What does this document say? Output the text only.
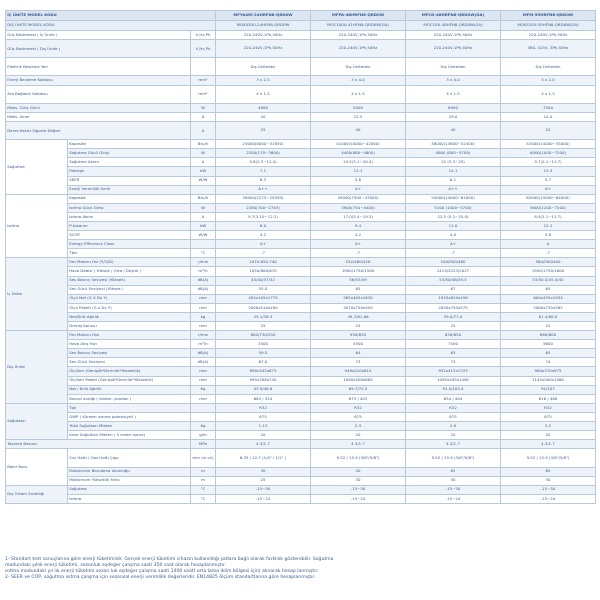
İÇ ÜNİTE MODEL KODU			MFYA4RI-24HRFN8-QRD0W	MFPA-48HRFN8-QRD0W	MFCD-48HRFN8-QRD0W(GA)	MFM-55HRFN8-QRD0W
DIŞ ÜNİTE MODEL KODU			MOX430U-24HFN8-QRD0W	MOC100U-41HFN8-QRD0W(GA)	MOC10U-48HFN8-QRD0W(GA)	MOX320U-55HFN8-QRD0W(GA)
Güç Beslemesi ( İç Ünite )		V,Hz,Ph	220-240V,1Ph,50Hz	220-240V,1Ph,50Hz	220-240V,1Ph,50Hz	220-240V,1Ph,50Hz
Güç Beslemesi ( Dış Ünite )		V,Hz,Ph	220-240V,1Ph,50Hz	220-240V,1Ph,50Hz	220-240V,1Ph,50Hz	380, 415V, 3Ph,50Hz
Elektrik Besleme Yeri			Dış Üniteden	Dış Üniteden	Dış Üniteden	Dış Üniteden
Enerji Besleme Kablosu		mm²	3 x 2.5	3 x 4.0	3 x 4.0	5 x 2.0
Ara Bağlantı Kablosu		mm²	4 x 1.5	4 x 1.5	4 x 1.5	4 x 1.5
Maks. Giriş Gücü		W	4800	5000	6900	7500
Maks. Akım		A	20	22.5	29.0	14.0
Devre Kesici Sigorta Değeri		A	25	40	40	25
Soğutma	Kapasite	Btu/h	24000(8000~31850)	41000(10000~42000)	48000(13600~52400)	52000(14000~55000)
	Soğutma Gücü Girişi	W	2200(170~3800)	4400(680~4600)	4800 (800~5700)	6000(1000~7200)
	Soğutma Akımı	A	9.8(2.3~12.4)	19.5(3.1~20.4)	22 (3.3~25)	9.7(2.1~11.7)
	Pdesign	kW	7.1	12.1	14.1	15.3
	SEER	W/W	6.3	5.8	6.1	5.7
	Enerji Verimlilik Sınıfı		A++	A+	A++	A+
Isıtma	Kapasite	Btu/h	26000(2275~29350)	45000(7500~47000)	55000(14000~61000)	62000(15000~64000)
	Isıtma Gücü Girişi	W	2180(700~2745)	3900(750~4400)	5100 (1000~5700)	5600(1200~7200)
	Isıtma Akımı	A	9.7(3.10~12.2)	17.0(3.4~19.3)	22.5 (5.2~25.0)	8.5(2.1~11.7)
	P-tasarım	kW	6.0	9.4	11.0	12.1
	SCOP	W/W	4.2	4.2	4.0	3.8
	Energy Efficiency Class		A+	A+	A+	A
	Tbiv	°C	-7	-7	-7	-7
İç Ünite	Fan Motoru Hız (Y/O/D)	r/min	1070-850-740	532/480/428	540/500/460	580/500/400
	Hava Debisi ( Yüksek / Orta / Düşük )	m³/h	1050/800/670	1900/1750/1500	2413/2223/2027	1950/1750/1600
	Ses Basınç Seviyesi (Yüksek)	dB(A)	45/40/37/32	56/53/49	53/50/48/39.5	53/50.5/45.5/40
	Ses Gücü Seviyesi (Yüksek )	dB(A)	55.0	65	67	65
	Ölçü Net (G X Dx Y)	mm	405x105x1775	585x405x1830	1935x629x456	600x455x1934
	Ölçü Paketi (G x Dx Y)	mm	2000x510x490	2070x750x550	2050x750x575	2080x735x585
	Net/Brüt Ağırlık	kg	29.1/38.3	49.7/61.86	39.0/77.0	61.4/80.0
	Drenaj borusu	mm	25	25	25	25
Dış Ünite	Fan Motoru Hızı	r/min	800/730/550	950/850	830/650	860/800
	Hava Akış Hızı	m³/h	3500	5500	7500	5600
	Ses Basınç Seviyesi	dB(A)	59.5	64	63	65
	Ses Gücü Seviyesi	dB(A)	67.0	73	73	74
	Ölçüleri (Genişlik*Derinlik*Yükseklik)	mm	890x342x673	946x410x810	952x415x1333	980x370x975
	Ölçüleri Paketi (Genişlik*Derinlik*Yükseklik)	mm	995x398x740	1090x500x885	1095x495x1490	1145x500x1080
	Net / Brüt Ağırlık	Kg	43.9/46.8	69.7/75.5	91.5/105.4	92/107
	Konsol aralığı ( önden- yandan )	mm	663 / 354	673 / 403	634 / 404	616 / 480
Soğutkan	Tipi		R32	R32	R32	R32
	GWP ( Küresel ısınma potansiyeli )		675	675	675	675
	Yükü Soğutkan Miktarı	Kg	1.13	2.3	2.9	3.2
	İlave Soğutkan Miktarı ( 5 mden sonra)	g/m	20	20	20	20
Tasarım Basıncı		MPa	4.3/1.7	4.3/1.7	4.3/1.7	4.3/1.7
Bakır Boru	Sıvı Hattı / Gaz Hattı Çapı	mm (in ch)	6.35 / 12.7 (1/4" / 1/2" )	9.52 / 15.9 (3/8"/5/8")	9.52 / 15.9 (3/8"/5/8")	9.52 / 15.9 (3/8"/5/8")
	Maksimum Borulama Uzunluğu	m	30	50	65	65
	Maksimum Yükseklik Farkı	m	25	30	30	30
Dış Ortam Sıcaklığı	Soğutma	°C	-15~50	-15~50	-15~50	-15~50
	Isıtma	°C	-15~24	-15~24	-15~24	-15~24

1- Standart test sonuçlarına göre enerji tüketimidir. Gerçek enerji tüketimi cihazın kullanıldığı şatlara bağlı olarak farklılık gösterebilir. Soğutma

modundaki yıllık enerji tüketimi, sezonluk eşdeğer çalışma saati 350 saat olarak hesaplanmıştır.

ısıtma modundaki yıl lık enerji tüketimi sezon luk eşdeğer çalışma saati 1400 saat( orta lama iklim bölgesi için) alınarak hesap lanmıştır.

2- SEER ve COP, soğutma ısıtma çalışma için sezonsal enerji verimlilik değerleridir. EN14825 ölçüm standartlarına göre hesaplanmıştır.
